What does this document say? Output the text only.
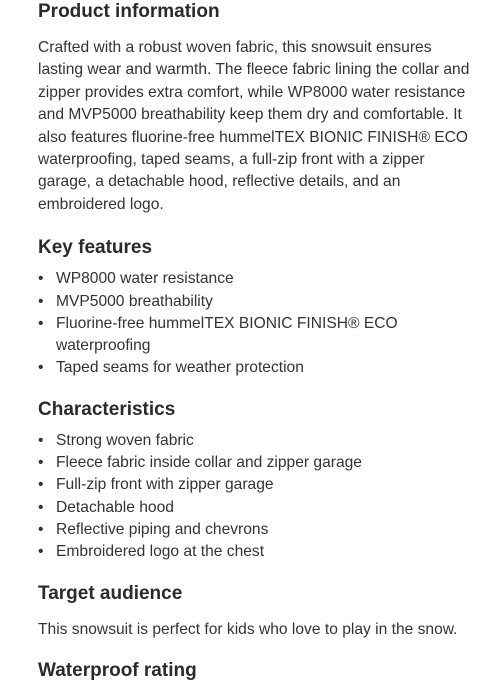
Product information

Crafted with a robust woven fabric, this snowsuit ensures lasting wear and warmth. The fleece fabric lining the collar and zipper provides extra comfort, while WP8000 water resistance and MVP5000 breathability keep them dry and comfortable. It also features fluorine-free hummelTEX BIONIC FINISH® ECO waterproofing, taped seams, a full-zip front with a zipper garage, a detachable hood, reflective details, and an embroidered logo.

Key features
• WP8000 water resistance
• MVP5000 breathability
• Fluorine-free hummelTEX BIONIC FINISH® ECO waterproofing
• Taped seams for weather protection
Characteristics
• Strong woven fabric
• Fleece fabric inside collar and zipper garage
• Full-zip front with zipper garage
• Detachable hood
• Reflective piping and chevrons
• Embroidered logo at the chest
Target audience

This snowsuit is perfect for kids who love to play in the snow.

Waterproof rating
